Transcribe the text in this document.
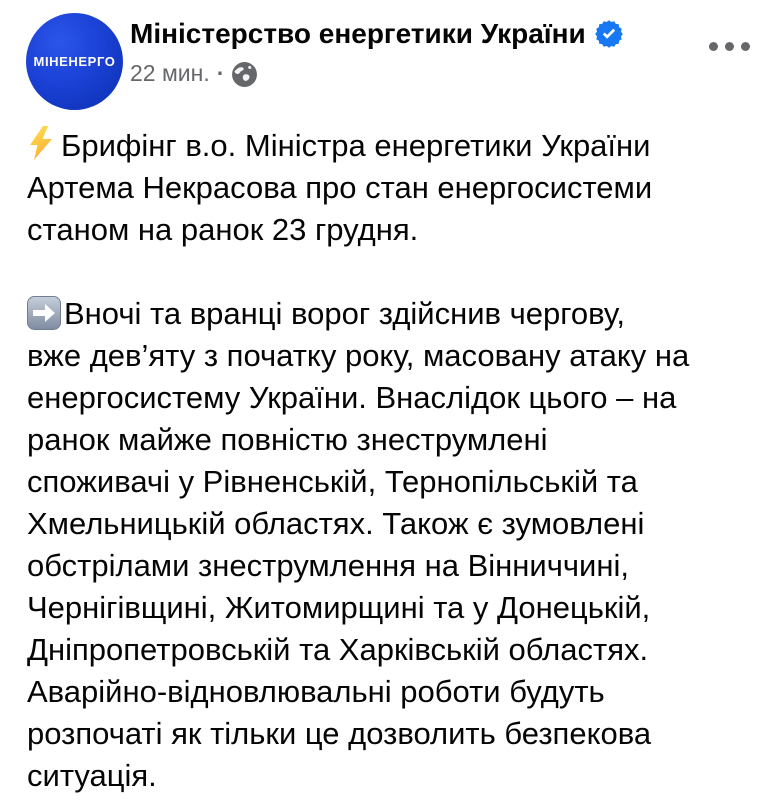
МІНЕНЕРГО
Міністерство енергетики України
22 мин. ·
Брифінг в.о. Міністра енергетики України
Артема Некрасова про стан енергосистеми
станом на ранок 23 грудня.
Вночі та вранці ворог здійснив чергову,
вже дев’яту з початку року, масовану атаку на
енергосистему України. Внаслідок цього – на
ранок майже повністю знеструмлені
споживачі у Рівненській, Тернопільській та
Хмельницькій областях. Також є зумовлені
обстрілами знеструмлення на Вінниччині,
Чернігівщині, Житомирщині та у Донецькій,
Дніпропетровській та Харківській областях.
Аварійно-відновлювальні роботи будуть
розпочаті як тільки це дозволить безпекова
ситуація.
